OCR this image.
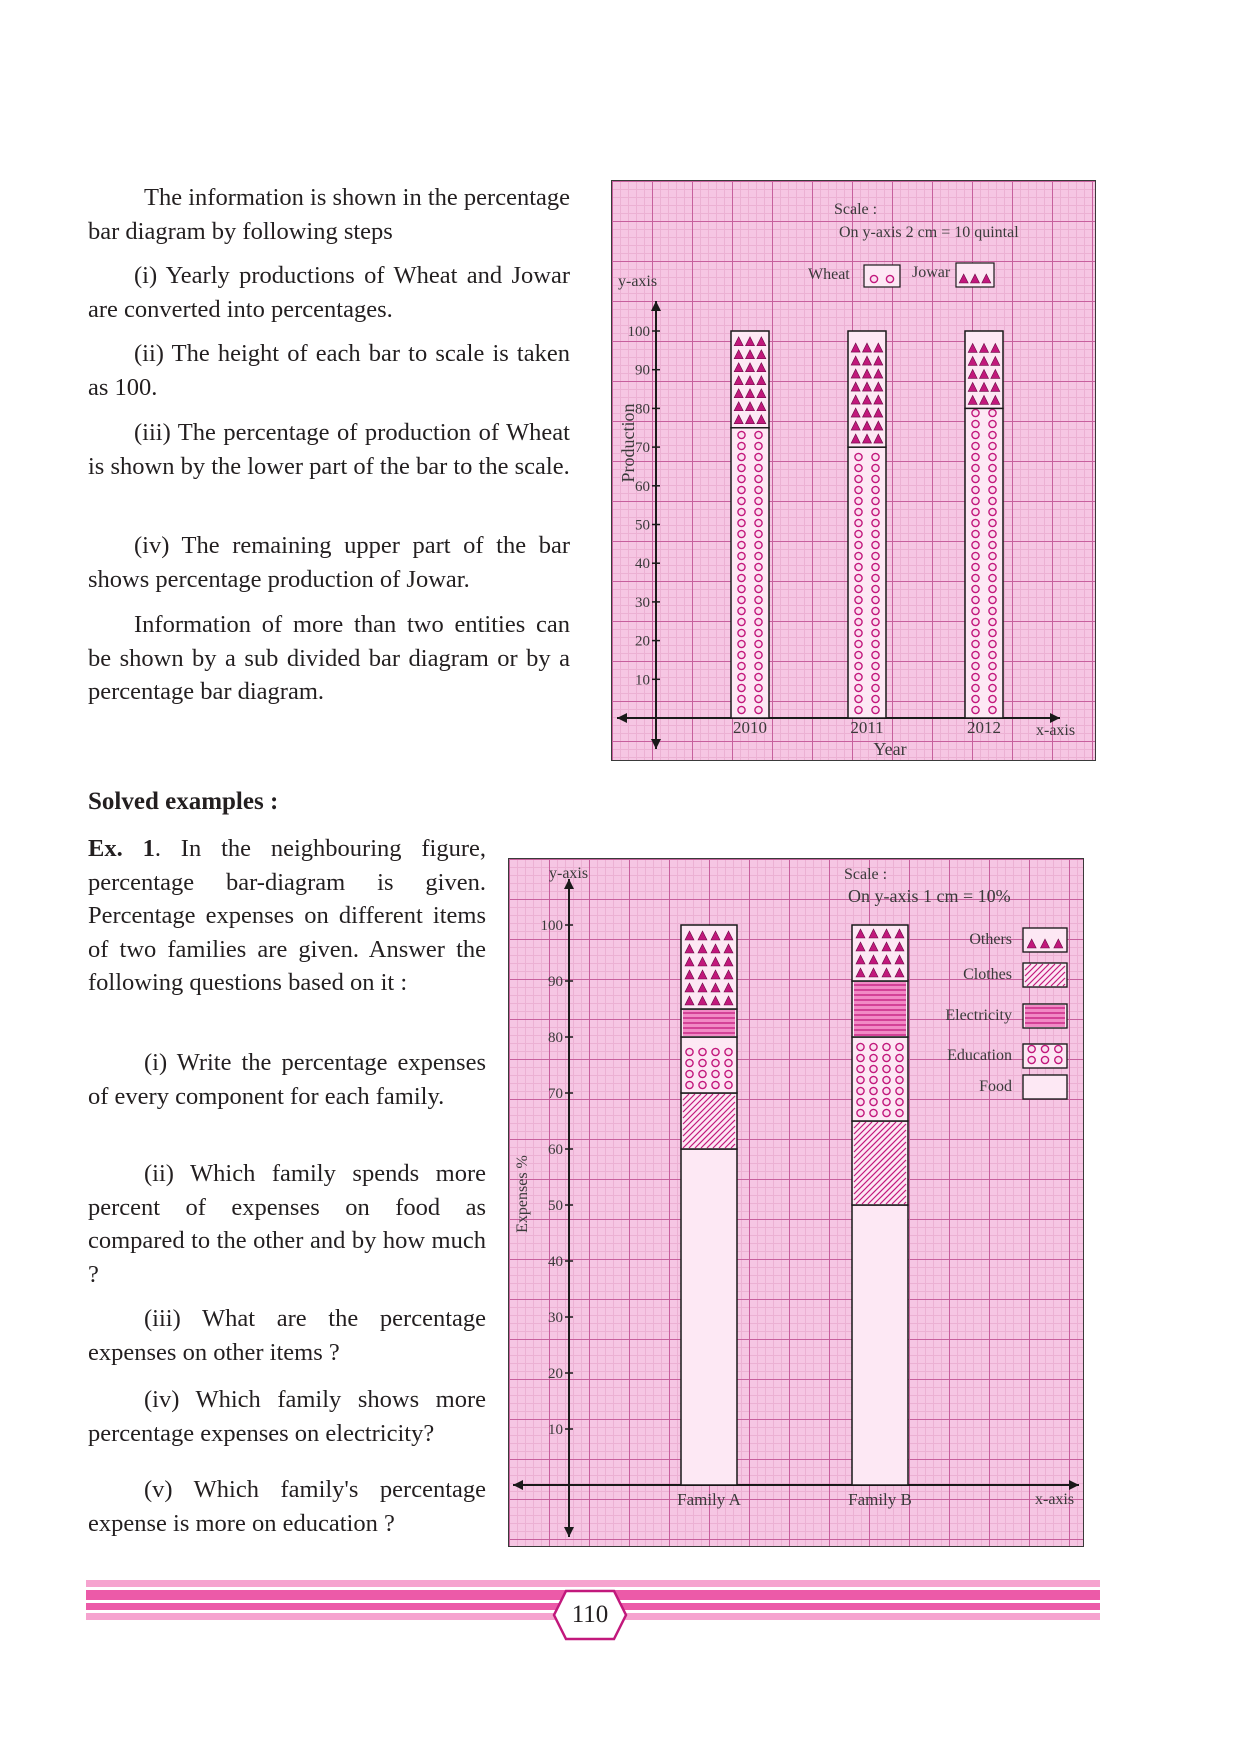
The information is shown in the percentage bar diagram by following steps

(i) Yearly productions of Wheat and Jowar are converted into percentages.

(ii) The height of each bar to scale is taken as 100.

(iii) The percentage of production of Wheat is shown by the lower part of the bar to the scale.

(iv) The remaining upper part of the bar shows percentage production of Jowar.

Information of more than two entities can be shown by a sub divided bar diagram or by a percentage bar diagram.

y-axis
x-axis
10
20
30
40
50
60
70
80
90
100
Production
Year
Scale :
On y-axis 2 cm = 10 quintal
2010	2011	2012
Wheat	Jowar
Solved examples :

Ex. 1. In the neighbouring figure, percentage bar-diagram is given. Percentage expenses on different items of two families are given. Answer the following questions based on it :

(i) Write the percentage expenses of every component for each family.

(ii) Which family spends more percent of expenses on food as compared to the other and by how much ?

(iii) What are the percentage expenses on other items ?

(iv) Which family shows more percentage expenses on electricity?

(v) Which family's percentage expense is more on education ?

y-axis
x-axis
10
20
30
40
50
60
70
80
90
100
Expenses %
Scale :
On y-axis 1 cm = 10%
Family A	Family B
Others
Clothes
Electricity
Education
Food
110
